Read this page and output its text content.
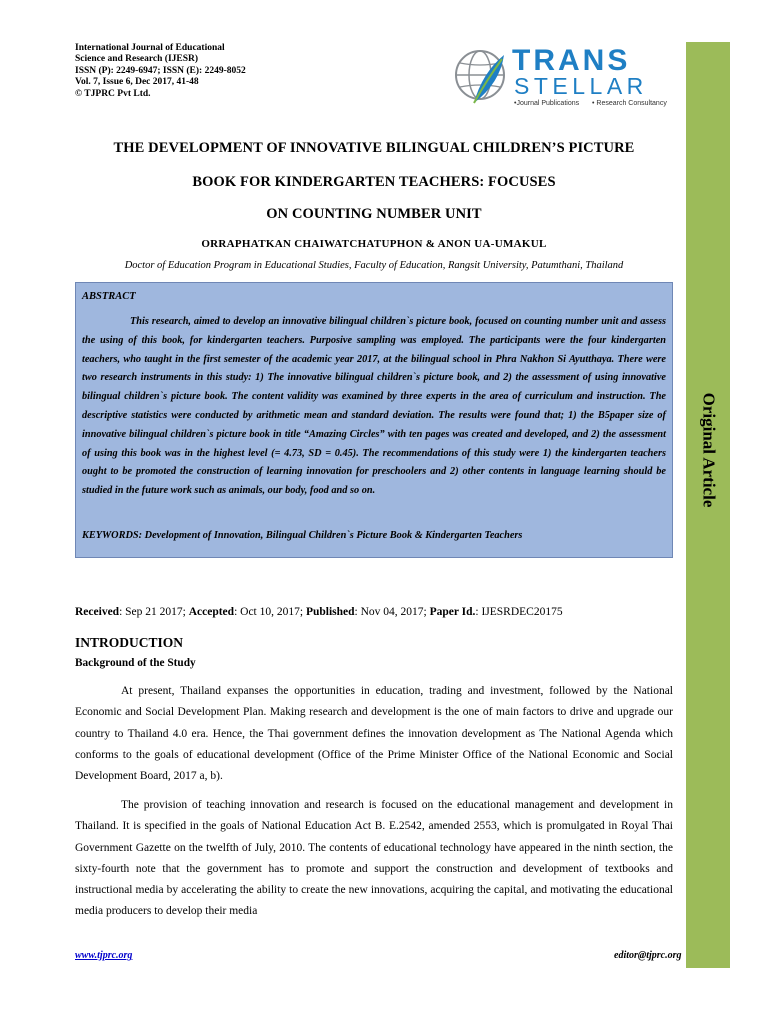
International Journal of Educational
Science and Research (IJESR)
ISSN (P): 2249-6947; ISSN (E): 2249-8052
Vol. 7, Issue 6, Dec 2017, 41-48
© TJPRC Pvt Ltd.
TRANS
STELLAR
•Journal Publications • Research Consultancy
Original Article
THE DEVELOPMENT OF INNOVATIVE BILINGUAL CHILDREN’S PICTURE
BOOK FOR KINDERGARTEN TEACHERS: FOCUSES
ON COUNTING NUMBER UNIT
ORRAPHATKAN CHAIWATCHATUPHON & ANON UA-UMAKUL
Doctor of Education Program in Educational Studies, Faculty of Education, Rangsit University, Patumthani, Thailand
ABSTRACT
This research, aimed to develop an innovative bilingual children`s picture book, focused on counting number unit and assess the using of this book, for kindergarten teachers. Purposive sampling was employed. The participants were the four kindergarten teachers, who taught in the first semester of the academic year 2017, at the bilingual school in Phra Nakhon Si Ayutthaya. There were two research instruments in this study: 1) The innovative bilingual children`s picture book, and 2) the assessment of using innovative bilingual children`s picture book. The content validity was examined by three experts in the area of curriculum and instruction. The descriptive statistics were conducted by arithmetic mean and standard deviation. The results were found that; 1) the B5paper size of innovative bilingual children`s picture book in title “Amazing Circles” with ten pages was created and developed, and 2) the assessment of using this book was in the highest level (= 4.73, SD = 0.45). The recommendations of this study were 1) the kindergarten teachers ought to be promoted the construction of learning innovation for preschoolers and 2) other contents in language learning should be studied in the future work such as animals, our body, food and so on.
KEYWORDS: Development of Innovation, Bilingual Children`s Picture Book & Kindergarten Teachers
Received: Sep 21 2017; Accepted: Oct 10, 2017; Published: Nov 04, 2017; Paper Id.: IJESRDEC20175
INTRODUCTION
Background of the Study
At present, Thailand expanses the opportunities in education, trading and investment, followed by the National Economic and Social Development Plan. Making research and development is the one of main factors to drive and upgrade our country to Thailand 4.0 era. Hence, the Thai government defines the innovation development as The National Agenda which conforms to the goals of educational development (Office of the Prime Minister Office of the National Economic and Social Development Board, 2017 a, b).
The provision of teaching innovation and research is focused on the educational management and development in Thailand. It is specified in the goals of National Education Act B. E.2542, amended 2553, which is promulgated in Royal Thai Government Gazette on the twelfth of July, 2010. The contents of educational technology have appeared in the ninth section, the sixty-fourth note that the government has to promote and support the construction and development of textbooks and instructional media by accelerating the ability to create the new innovations, acquiring the capital, and motivating the educational media producers to develop their media
www.tjprc.org	editor@tjprc.org
